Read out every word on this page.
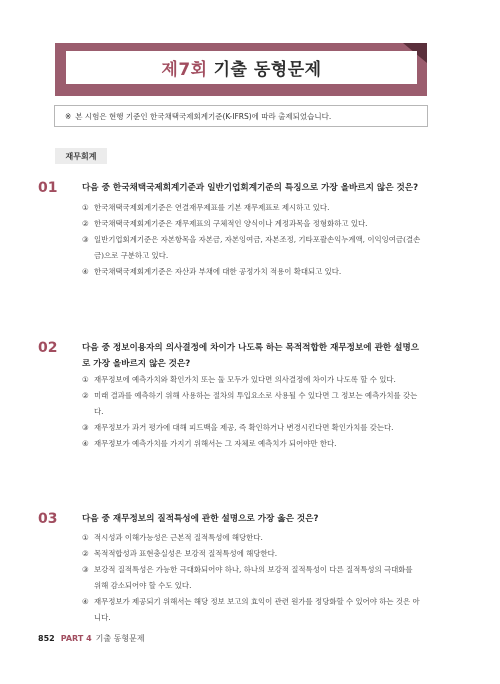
제7회 기출 동형문제
※ 본 시험은 현행 기준인 한국채택국제회계기준(K-IFRS)에 따라 출제되었습니다.
재무회계
01	다음 중 한국채택국제회계기준과 일반기업회계기준의 특징으로 가장 올바르지 않은 것은?
① 한국채택국제회계기준은 연결재무제표를 기본 재무제표로 제시하고 있다.
② 한국채택국제회계기준은 재무제표의 구체적인 양식이나 계정과목을 정형화하고 있다.
③ 일반기업회계기준은 자본항목을 자본금, 자본잉여금, 자본조정, 기타포괄손익누계액, 이익잉여금(결손금)으로 구분하고 있다.
④ 한국채택국제회계기준은 자산과 부채에 대한 공정가치 적용이 확대되고 있다.
02	다음 중 정보이용자의 의사결정에 차이가 나도록 하는 목적적합한 재무정보에 관한 설명으로 가장 올바르지 않은 것은?
① 재무정보에 예측가치와 확인가치 또는 둘 모두가 있다면 의사결정에 차이가 나도록 할 수 있다.
② 미래 결과를 예측하기 위해 사용하는 절차의 투입요소로 사용될 수 있다면 그 정보는 예측가치를 갖는다.
③ 재무정보가 과거 평가에 대해 피드백을 제공, 즉 확인하거나 변경시킨다면 확인가치를 갖는다.
④ 재무정보가 예측가치를 가지기 위해서는 그 자체로 예측치가 되어야만 한다.
03	다음 중 재무정보의 질적특성에 관한 설명으로 가장 옳은 것은?
① 적시성과 이해가능성은 근본적 질적특성에 해당한다.
② 목적적합성과 표현충실성은 보강적 질적특성에 해당한다.
③ 보강적 질적특성은 가능한 극대화되어야 하나, 하나의 보강적 질적특성이 다른 질적특성의 극대화를 위해 감소되어야 할 수도 있다.
④ 재무정보가 제공되기 위해서는 해당 정보 보고의 효익이 관련 원가를 정당화할 수 있어야 하는 것은 아니다.
852 PART 4 기출 동형문제
